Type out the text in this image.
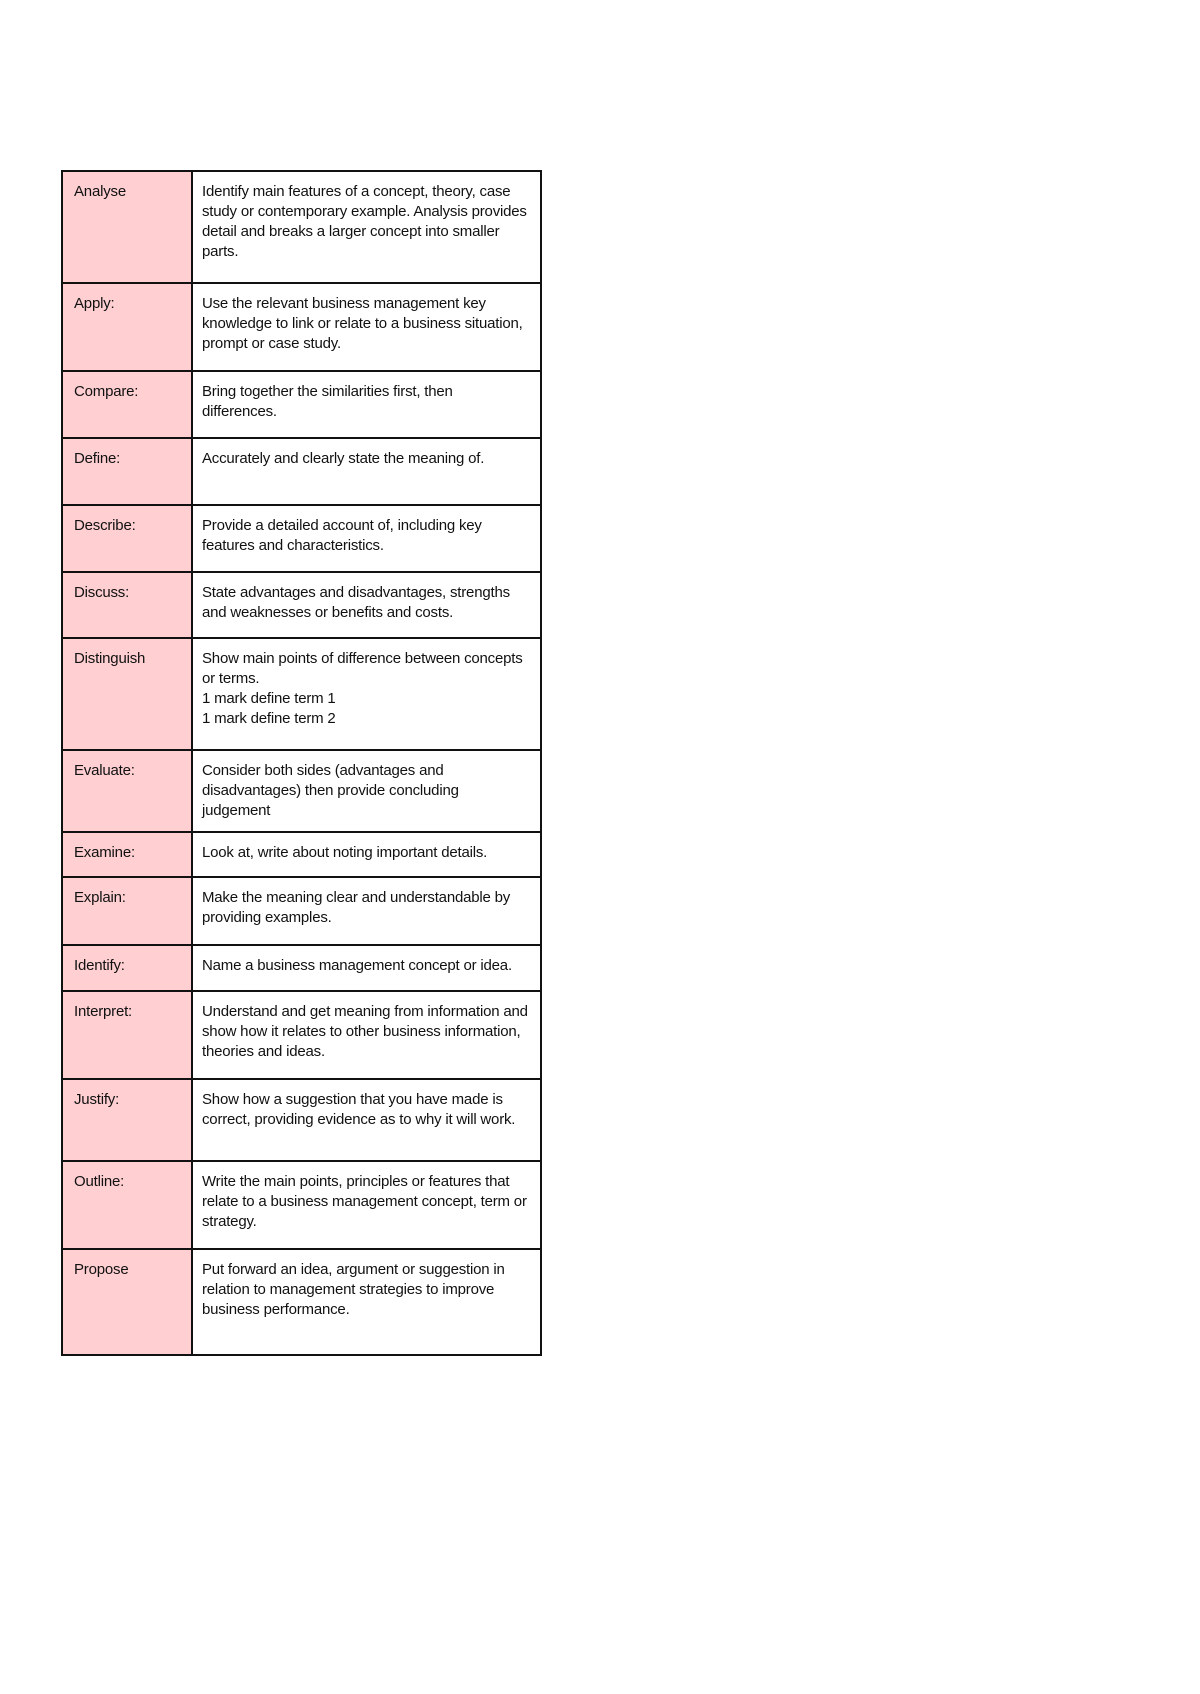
Analyse	Identify main features of a concept, theory, case study or contemporary example. Analysis provides detail and breaks a larger concept into smaller parts.
Apply:	Use the relevant business management key knowledge to link or relate to a business situation, prompt or case study.
Compare:	Bring together the similarities first, then differences.
Define:	Accurately and clearly state the meaning of.
Describe:	Provide a detailed account of, including key features and characteristics.
Discuss:	State advantages and disadvantages, strengths and weaknesses or benefits and costs.
Distinguish	Show main points of difference between concepts or terms.
1 mark define term 1
1 mark define term 2
Evaluate:	Consider both sides (advantages and disadvantages) then provide concluding judgement
Examine:	Look at, write about noting important details.
Explain:	Make the meaning clear and understandable by providing examples.
Identify:	Name a business management concept or idea.
Interpret:	Understand and get meaning from information and show how it relates to other business information, theories and ideas.
Justify:	Show how a suggestion that you have made is correct, providing evidence as to why it will work.
Outline:	Write the main points, principles or features that relate to a business management concept, term or strategy.
Propose	Put forward an idea, argument or suggestion in relation to management strategies to improve business performance.
